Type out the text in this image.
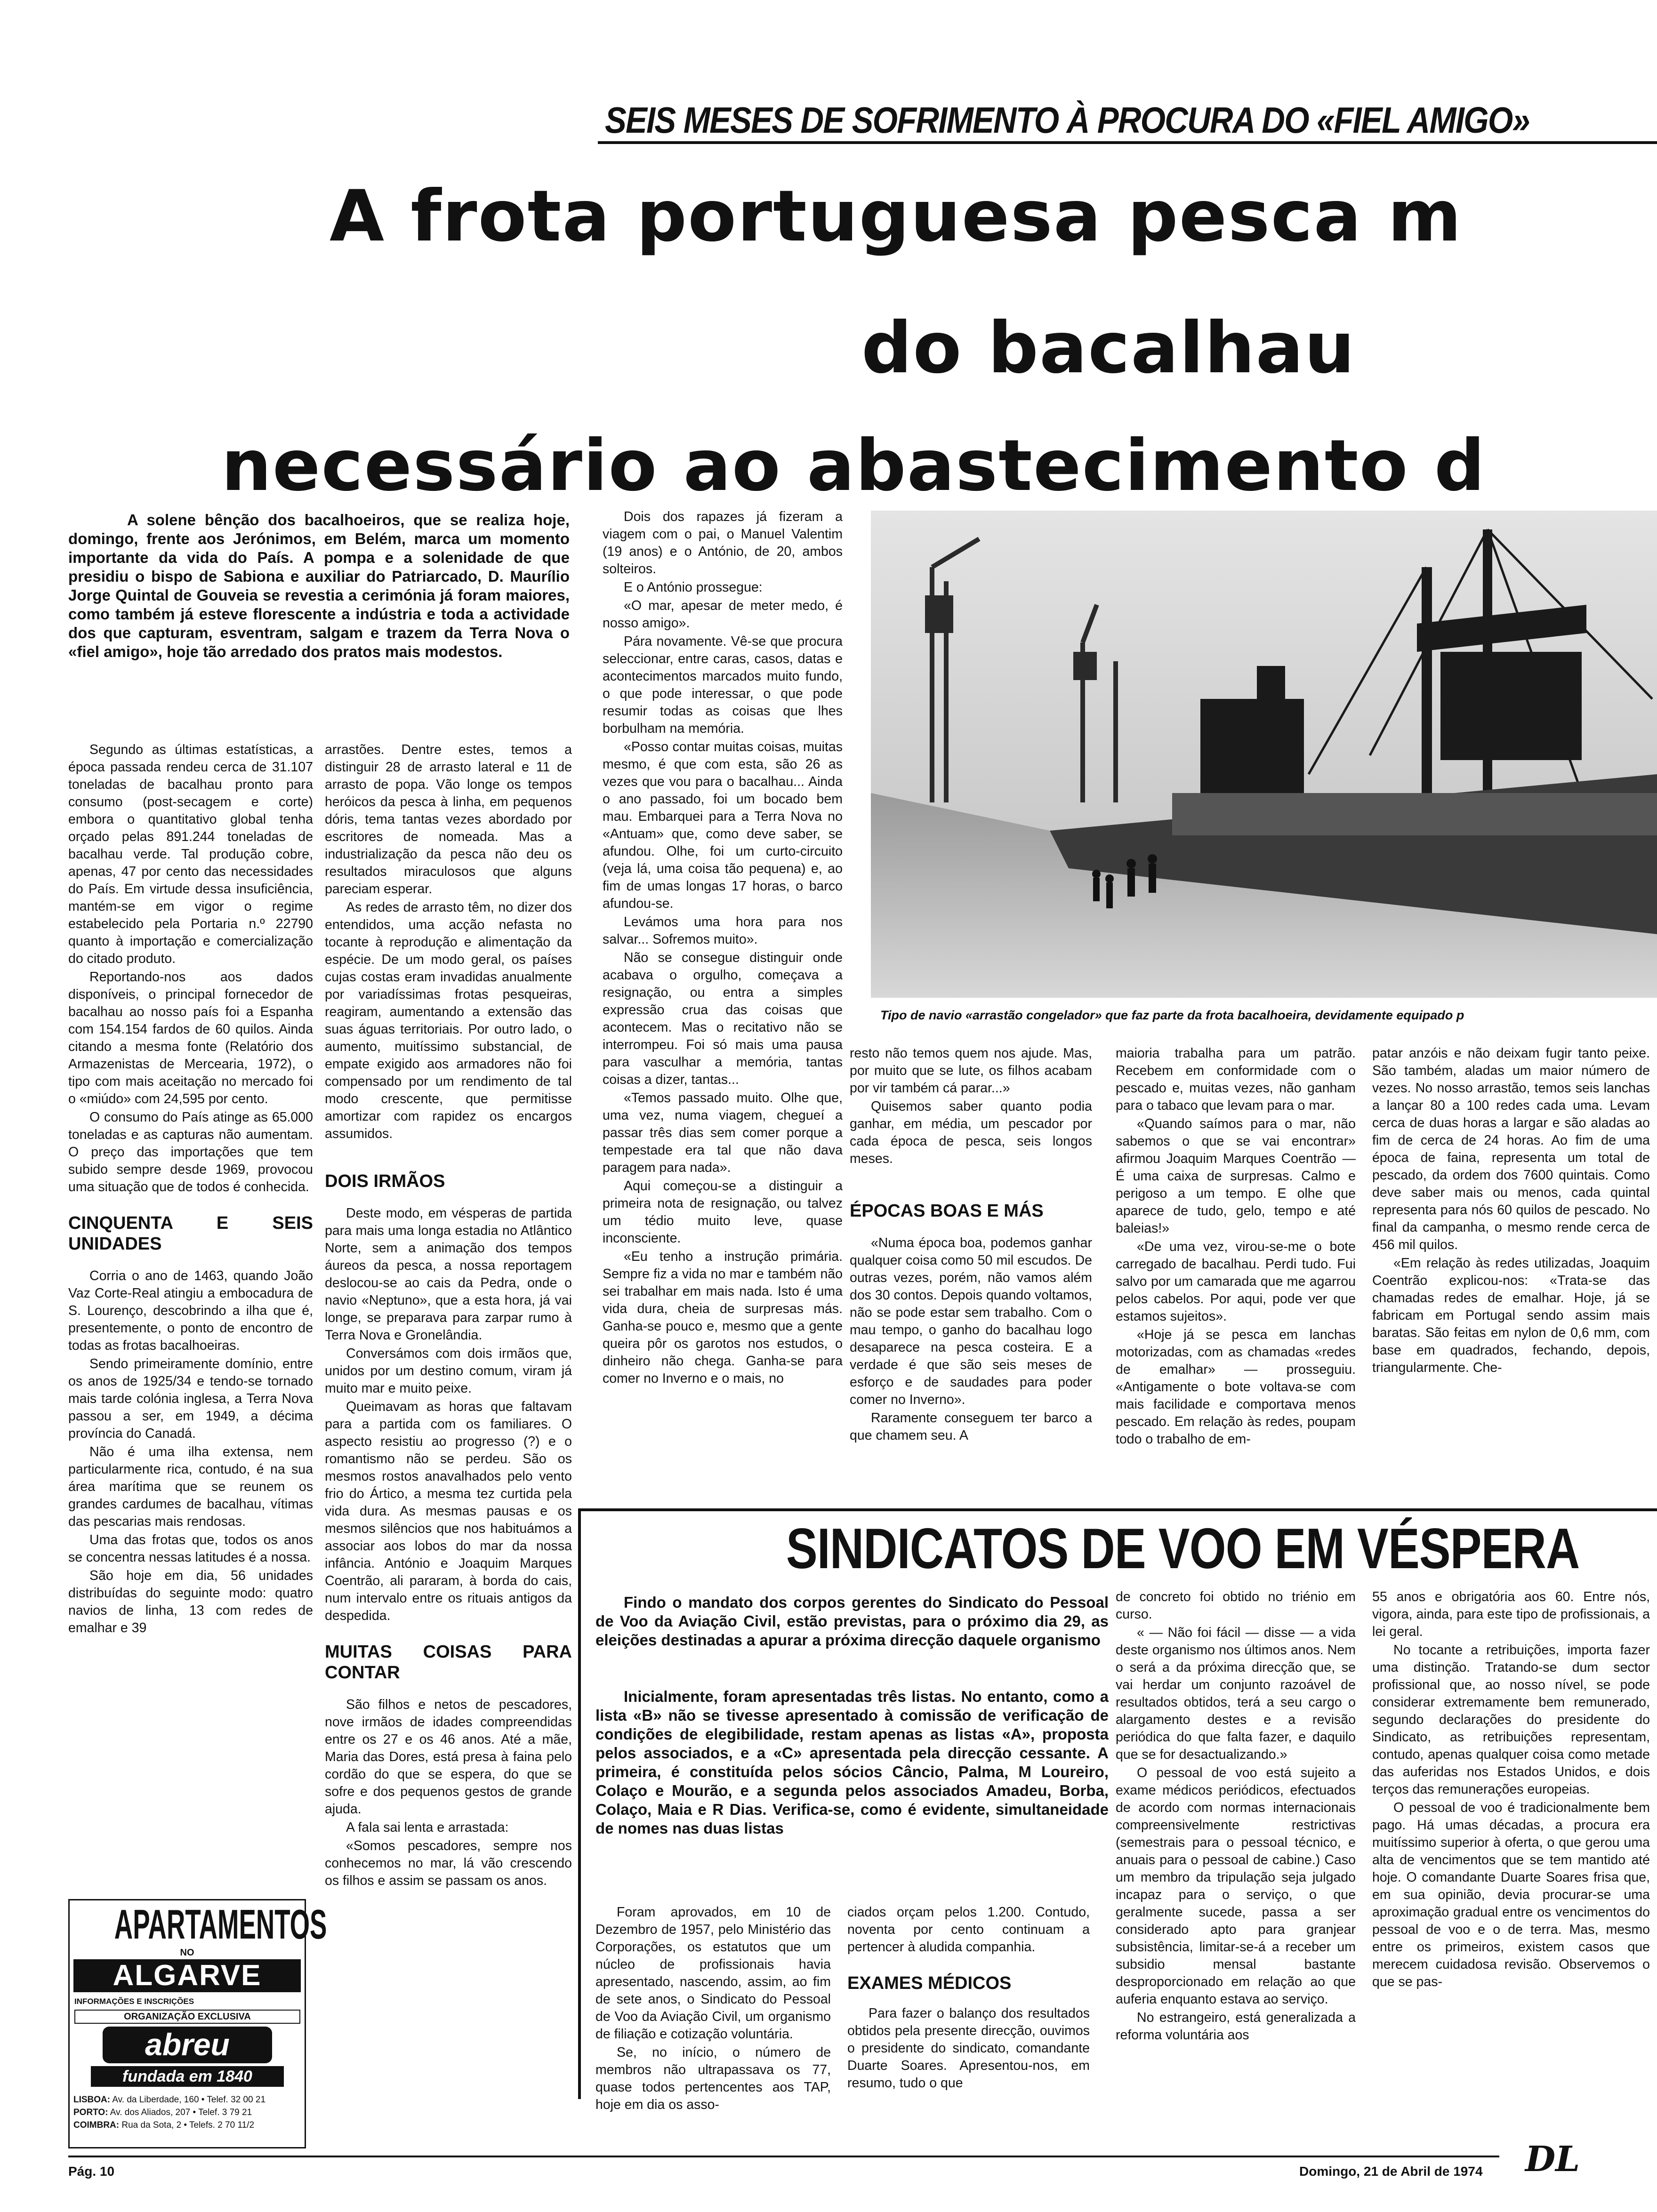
SEIS MESES DE SOFRIMENTO À PROCURA DO «FIEL AMIGO»
A frota portuguesa pesca m
do bacalhau
necessário ao abastecimento d
A solene bênção dos bacalhoeiros, que se realiza hoje, domingo, frente aos Jerónimos, em Belém, marca um momento importante da vida do País. A pompa e a solenidade de que presidiu o bispo de Sabiona e auxiliar do Patriarcado, D. Maurílio Jorge Quintal de Gouveia se revestia a cerimónia já foram maiores, como também já esteve florescente a indústria e toda a actividade dos que capturam, esventram, salgam e trazem da Terra Nova o «fiel amigo», hoje tão arredado dos pratos mais modestos.

Segundo as últimas estatísticas, a época passada rendeu cerca de 31.107 toneladas de bacalhau pronto para consumo (post-secagem e corte) embora o quantitativo global tenha orçado pelas 891.244 toneladas de bacalhau verde. Tal produção cobre, apenas, 47 por cento das necessidades do País. Em virtude dessa insuficiência, mantém-se em vigor o regime estabelecido pela Portaria n.º 22790 quanto à importação e comercialização do citado produto.

Reportando-nos aos dados disponíveis, o principal fornecedor de bacalhau ao nosso país foi a Espanha com 154.154 fardos de 60 quilos. Ainda citando a mesma fonte (Relatório dos Armazenistas de Mercearia, 1972), o tipo com mais aceitação no mercado foi o «miúdo» com 24,595 por cento.

O consumo do País atinge as 65.000 toneladas e as capturas não aumentam. O preço das importações que tem subido sempre desde 1969, provocou uma situação que de todos é conhecida.

CINQUENTA E SEIS UNIDADES

Corria o ano de 1463, quando João Vaz Corte-Real atingiu a embocadura de S. Lourenço, descobrindo a ilha que é, presentemente, o ponto de encontro de todas as frotas bacalhoeiras.

Sendo primeiramente domínio, entre os anos de 1925/34 e tendo-se tornado mais tarde colónia inglesa, a Terra Nova passou a ser, em 1949, a décima província do Canadá.

Não é uma ilha extensa, nem particularmente rica, contudo, é na sua área marítima que se reunem os grandes cardumes de bacalhau, vítimas das pescarias mais rendosas.

Uma das frotas que, todos os anos se concentra nessas latitudes é a nossa.

São hoje em dia, 56 unidades distribuídas do seguinte modo: quatro navios de linha, 13 com redes de emalhar e 39

APARTAMENTOS
NO
ALGARVE
INFORMAÇÕES E INSCRIÇÕES
ORGANIZAÇÃO EXCLUSIVA
abreu
fundada em 1840
LISBOA: Av. da Liberdade, 160 • Telef. 32 00 21
PORTO: Av. dos Aliados, 207 • Telef. 3 79 21
COIMBRA: Rua da Sota, 2 • Telefs. 2 70 11/2

arrastões. Dentre estes, temos a distinguir 28 de arrasto lateral e 11 de arrasto de popa. Vão longe os tempos heróicos da pesca à linha, em pequenos dóris, tema tantas vezes abordado por escritores de nomeada. Mas a industrialização da pesca não deu os resultados miraculosos que alguns pareciam esperar.

As redes de arrasto têm, no dizer dos entendidos, uma acção nefasta no tocante à reprodução e alimentação da espécie. De um modo geral, os países cujas costas eram invadidas anualmente por variadíssimas frotas pesqueiras, reagiram, aumentando a extensão das suas águas territoriais. Por outro lado, o aumento, muitíssimo substancial, de empate exigido aos armadores não foi compensado por um rendimento de tal modo crescente, que permitisse amortizar com rapidez os encargos assumidos.

DOIS IRMÃOS

Deste modo, em vésperas de partida para mais uma longa estadia no Atlântico Norte, sem a animação dos tempos áureos da pesca, a nossa reportagem deslocou-se ao cais da Pedra, onde o navio «Neptuno», que a esta hora, já vai longe, se preparava para zarpar rumo à Terra Nova e Gronelândia.

Conversámos com dois irmãos que, unidos por um destino comum, viram já muito mar e muito peixe.

Queimavam as horas que faltavam para a partida com os familiares. O aspecto resistiu ao progresso (?) e o romantismo não se perdeu. São os mesmos rostos anavalhados pelo vento frio do Ártico, a mesma tez curtida pela vida dura. As mesmas pausas e os mesmos silêncios que nos habituámos a associar aos lobos do mar da nossa infância. António e Joaquim Marques Coentrão, ali pararam, à borda do cais, num intervalo entre os rituais antigos da despedida.

MUITAS COISAS PARA CONTAR

São filhos e netos de pescadores, nove irmãos de idades compreendidas entre os 27 e os 46 anos. Até a mãe, Maria das Dores, está presa à faina pelo cordão do que se espera, do que se sofre e dos pequenos gestos de grande ajuda.

A fala sai lenta e arrastada:

«Somos pescadores, sempre nos conhecemos no mar, lá vão crescendo os filhos e assim se passam os anos.

Dois dos rapazes já fizeram a viagem com o pai, o Manuel Valentim (19 anos) e o António, de 20, ambos solteiros.

E o António prossegue:

«O mar, apesar de meter medo, é nosso amigo».

Pára novamente. Vê-se que procura seleccionar, entre caras, casos, datas e acontecimentos marcados muito fundo, o que pode interessar, o que pode resumir todas as coisas que lhes borbulham na memória.

«Posso contar muitas coisas, muitas mesmo, é que com esta, são 26 as vezes que vou para o bacalhau... Ainda o ano passado, foi um bocado bem mau. Embarquei para a Terra Nova no «Antuam» que, como deve saber, se afundou. Olhe, foi um curto-circuito (veja lá, uma coisa tão pequena) e, ao fim de umas longas 17 horas, o barco afundou-se.

Levámos uma hora para nos salvar... Sofremos muito».

Não se consegue distinguir onde acabava o orgulho, começava a resignação, ou entra a simples expressão crua das coisas que acontecem. Mas o recitativo não se interrompeu. Foi só mais uma pausa para vasculhar a memória, tantas coisas a dizer, tantas...

«Temos passado muito. Olhe que, uma vez, numa viagem, chegueí a passar três dias sem comer porque a tempestade era tal que não dava paragem para nada».

Aqui começou-se a distinguir a primeira nota de resignação, ou talvez um tédio muito leve, quase inconsciente.

«Eu tenho a instrução primária. Sempre fiz a vida no mar e também não sei trabalhar em mais nada. Isto é uma vida dura, cheia de surpresas más. Ganha-se pouco e, mesmo que a gente queira pôr os garotos nos estudos, o dinheiro não chega. Ganha-se para comer no Inverno e o mais, no

Tipo de navio «arrastão congelador» que faz parte da frota bacalhoeira, devidamente equipado p

resto não temos quem nos ajude. Mas, por muito que se lute, os filhos acabam por vir também cá parar...»

Quisemos saber quanto podia ganhar, em média, um pescador por cada época de pesca, seis longos meses.

ÉPOCAS BOAS E MÁS

«Numa época boa, podemos ganhar qualquer coisa como 50 mil escudos. De outras vezes, porém, não vamos além dos 30 contos. Depois quando voltamos, não se pode estar sem trabalho. Com o mau tempo, o ganho do bacalhau logo desaparece na pesca costeira. E a verdade é que são seis meses de esforço e de saudades para poder comer no Inverno».

Raramente conseguem ter barco a que chamem seu. A

maioria trabalha para um patrão. Recebem em conformidade com o pescado e, muitas vezes, não ganham para o tabaco que levam para o mar.

«Quando saímos para o mar, não sabemos o que se vai encontrar» afirmou Joaquim Marques Coentrão — É uma caixa de surpresas. Calmo e perigoso a um tempo. E olhe que aparece de tudo, gelo, tempo e até baleias!»

«De uma vez, virou-se-me o bote carregado de bacalhau. Perdi tudo. Fui salvo por um camarada que me agarrou pelos cabelos. Por aqui, pode ver que estamos sujeitos».

«Hoje já se pesca em lanchas motorizadas, com as chamadas «redes de emalhar» — prosseguiu. «Antigamente o bote voltava-se com mais facilidade e comportava menos pescado. Em relação às redes, poupam todo o trabalho de em-

patar anzóis e não deixam fugir tanto peixe. São também, aladas um maior número de vezes. No nosso arrastão, temos seis lanchas a lançar 80 a 100 redes cada uma. Levam cerca de duas horas a largar e são aladas ao fim de cerca de 24 horas. Ao fim de uma época de faina, representa um total de pescado, da ordem dos 7600 quintais. Como deve saber mais ou menos, cada quintal representa para nós 60 quilos de pescado. No final da campanha, o mesmo rende cerca de 456 mil quilos.

«Em relação às redes utilizadas, Joaquim Coentrão explicou-nos: «Trata-se das chamadas redes de emalhar. Hoje, já se fabricam em Portugal sendo assim mais baratas. São feitas em nylon de 0,6 mm, com base em quadrados, fechando, depois, triangularmente. Che-

SINDICATOS DE VOO EM VÉSPERA
Findo o mandato dos corpos gerentes do Sindicato do Pessoal de Voo da Aviação Civil, estão previstas, para o próximo dia 29, as eleições destinadas a apurar a próxima direcção daquele organismo
Inicialmente, foram apresentadas três listas. No entanto, como a lista «B» não se tivesse apresentado à comissão de verificação de condições de elegibilidade, restam apenas as listas «A», proposta pelos associados, e a «C» apresentada pela direcção cessante. A primeira, é constituída pelos sócios Câncio, Palma, M Loureiro, Colaço e Mourão, e a segunda pelos associados Amadeu, Borba, Colaço, Maia e R Dias. Verifica-se, como é evidente, simultaneidade de nomes nas duas listas

Foram aprovados, em 10 de Dezembro de 1957, pelo Ministério das Corporações, os estatutos que um núcleo de profissionais havia apresentado, nascendo, assim, ao fim de sete anos, o Sindicato do Pessoal de Voo da Aviação Civil, um organismo de filiação e cotização voluntária.

Se, no início, o número de membros não ultrapassava os 77, quase todos pertencentes aos TAP, hoje em dia os asso-

ciados orçam pelos 1.200. Contudo, noventa por cento continuam a pertencer à aludida companhia.

EXAMES MÉDICOS

Para fazer o balanço dos resultados obtidos pela presente direcção, ouvimos o presidente do sindicato, comandante Duarte Soares. Apresentou-nos, em resumo, tudo o que

de concreto foi obtido no triénio em curso.

« — Não foi fácil — disse — a vida deste organismo nos últimos anos. Nem o será a da próxima direcção que, se vai herdar um conjunto razoável de resultados obtidos, terá a seu cargo o alargamento destes e a revisão periódica do que falta fazer, e daquilo que se for desactualizando.»

O pessoal de voo está sujeito a exame médicos periódicos, efectuados de acordo com normas internacionais compreensivelmente restrictivas (semestrais para o pessoal técnico, e anuais para o pessoal de cabine.) Caso um membro da tripulação seja julgado incapaz para o serviço, o que geralmente sucede, passa a ser considerado apto para granjear subsistência, limitar-se-á a receber um subsidio mensal bastante desproporcionado em relação ao que auferia enquanto estava ao serviço.

No estrangeiro, está generalizada a reforma voluntária aos

55 anos e obrigatória aos 60. Entre nós, vigora, ainda, para este tipo de profissionais, a lei geral.

No tocante a retribuições, importa fazer uma distinção. Tratando-se dum sector profissional que, ao nosso nível, se pode considerar extremamente bem remunerado, segundo declarações do presidente do Sindicato, as retribuições representam, contudo, apenas qualquer coisa como metade das auferidas nos Estados Unidos, e dois terços das remunerações europeias.

O pessoal de voo é tradicionalmente bem pago. Há umas décadas, a procura era muitíssimo superior à oferta, o que gerou uma alta de vencimentos que se tem mantido até hoje. O comandante Duarte Soares frisa que, em sua opinião, devia procurar-se uma aproximação gradual entre os vencimentos do pessoal de voo e o de terra. Mas, mesmo entre os primeiros, existem casos que merecem cuidadosa revisão. Observemos o que se pas-

Pág. 10	Domingo, 21 de Abril de 1974 DL
